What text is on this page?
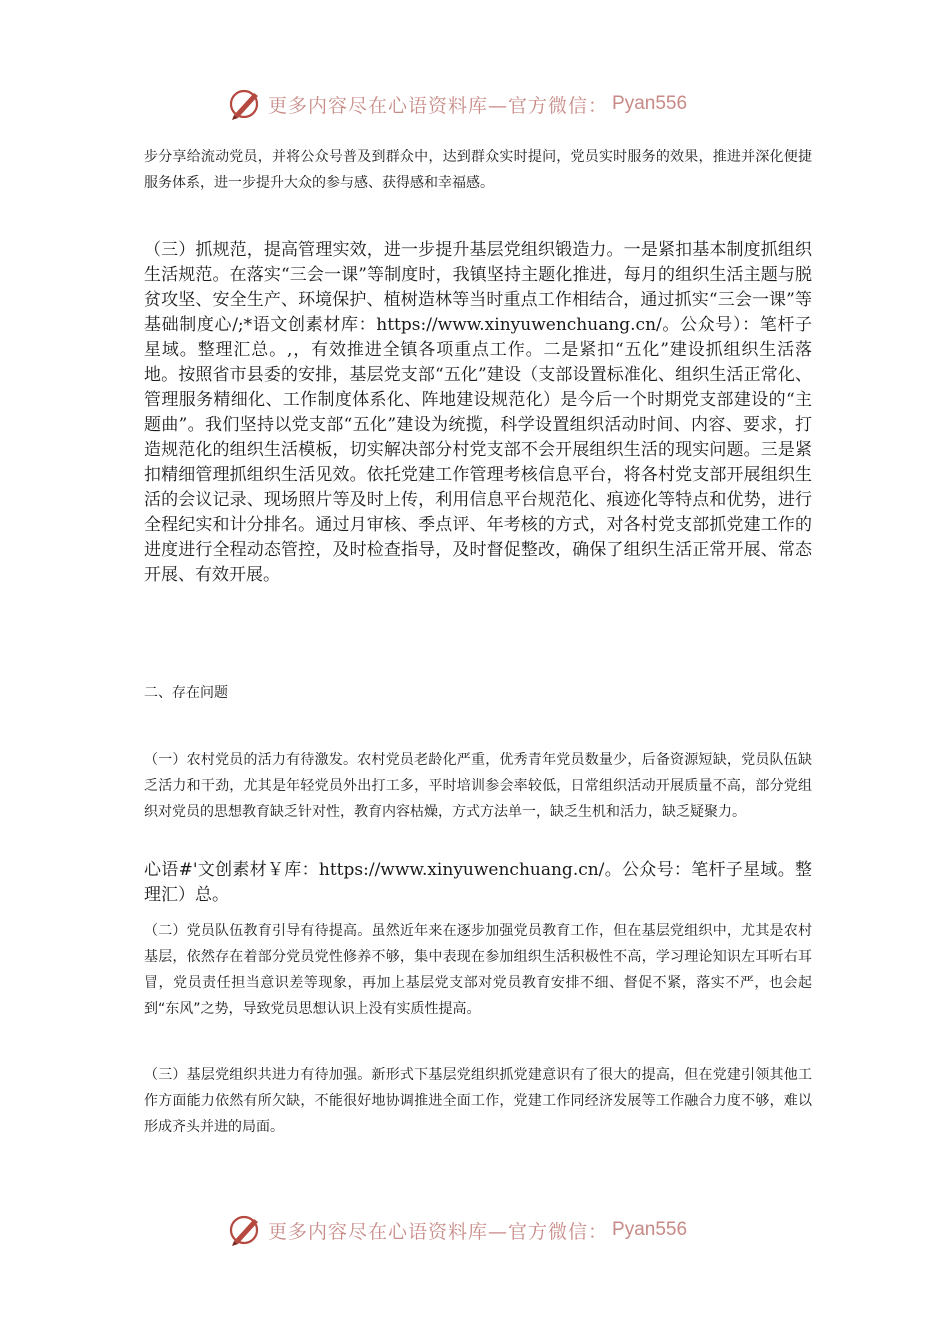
更多内容尽在心语资料库 —官方微信： Pyan556
步分享给流动党员，并将公众号普及到群众中，达到群众实时提问，党员实时服务的效果，推进并深化便捷服务体系，进一步提升大众的参与感、获得感和幸福感。
（三）抓规范，提高管理实效，进一步提升基层党组织锻造力。一是紧扣基本制度抓组织生活规范。在落实“三会一课”等制度时，我镇坚持主题化推进，每月的组织生活主题与脱贫攻坚、安全生产、环境保护、植树造林等当时重点工作相结合，通过抓实“三会一课”等基础制度心/;*语文创素材库：https://www.xinyuwenchuang.cn/。公众号）：笔杆子星域。整理汇总。,，有效推进全镇各项重点工作。二是紧扣“五化”建设抓组织生活落地。按照省市县委的安排，基层党支部“五化”建设（支部设置标准化、组织生活正常化、管理服务精细化、工作制度体系化、阵地建设规范化）是今后一个时期党支部建设的“主题曲”。我们坚持以党支部“五化”建设为统揽，科学设置组织活动时间、内容、要求，打造规范化的组织生活模板，切实解决部分村党支部不会开展组织生活的现实问题。三是紧扣精细管理抓组织生活见效。依托党建工作管理考核信息平台，将各村党支部开展组织生活的会议记录、现场照片等及时上传，利用信息平台规范化、痕迹化等特点和优势，进行全程纪实和计分排名。通过月审核、季点评、年考核的方式，对各村党支部抓党建工作的进度进行全程动态管控，及时检查指导，及时督促整改，确保了组织生活正常开展、常态开展、有效开展。
二、存在问题
（一）农村党员的活力有待激发。农村党员老龄化严重，优秀青年党员数量少，后备资源短缺，党员队伍缺乏活力和干劲，尤其是年轻党员外出打工多，平时培训参会率较低，日常组织活动开展质量不高，部分党组织对党员的思想教育缺乏针对性，教育内容枯燥，方式方法单一，缺乏生机和活力，缺乏疑聚力。
心语#'文创素材￥库：https://www.xinyuwenchuang.cn/。公众号：笔杆子星域。整理汇）总。
（二）党员队伍教育引导有待提高。虽然近年来在逐步加强党员教育工作，但在基层党组织中，尤其是农村基层，依然存在着部分党员党性修养不够，集中表现在参加组织生活积极性不高，学习理论知识左耳听右耳冒，党员责任担当意识差等现象，再加上基层党支部对党员教育安排不细、督促不紧，落实不严，也会起到“东风”之势，导致党员思想认识上没有实质性提高。
（三）基层党组织共进力有待加强。新形式下基层党组织抓党建意识有了很大的提高，但在党建引领其他工作方面能力依然有所欠缺，不能很好地协调推进全面工作，党建工作同经济发展等工作融合力度不够，难以形成齐头并进的局面。
更多内容尽在心语资料库 —官方微信： Pyan556
